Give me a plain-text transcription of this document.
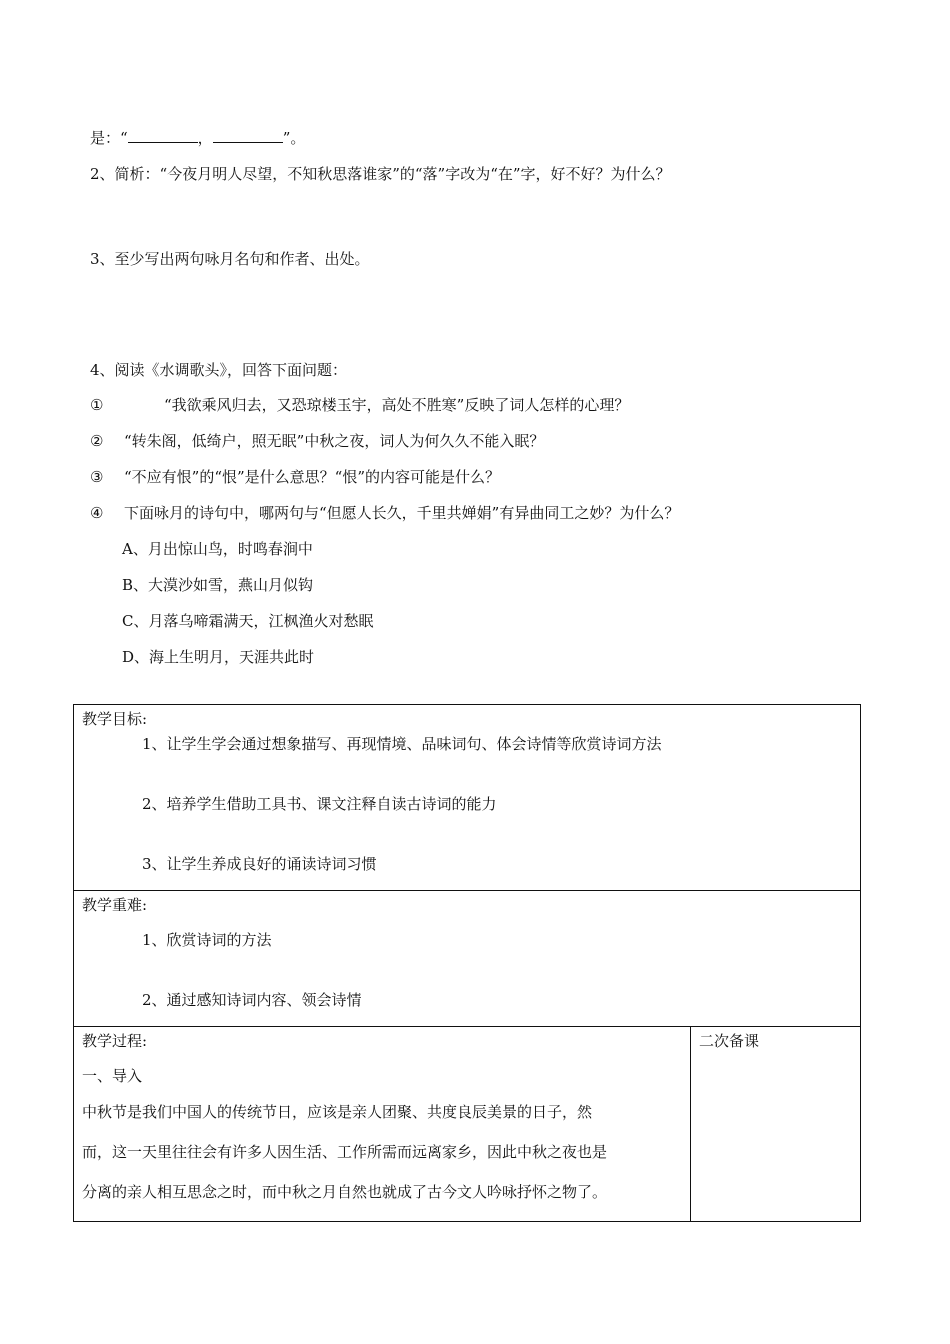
是：“	，	”。
2、简析：“今夜月明人尽望，不知秋思落谁家”的“落”字改为“在”字，好不好？为什么？
3、至少写出两句咏月名句和作者、出处。
4、阅读《水调歌头》，回答下面问题：
①	“我欲乘风归去，又恐琼楼玉宇，高处不胜寒”反映了词人怎样的心理？
② “转朱阁，低绮户，照无眠”中秋之夜，词人为何久久不能入眠？
③ “不应有恨”的“恨”是什么意思？“恨”的内容可能是什么？
④ 下面咏月的诗句中，哪两句与“但愿人长久，千里共婵娟”有异曲同工之妙？为什么？
A、月出惊山鸟，时鸣春涧中
B、大漠沙如雪，燕山月似钩
C、月落乌啼霜满天，江枫渔火对愁眠
D、海上生明月，天涯共此时
教学目标:
1、让学生学会通过想象描写、再现情境、品味词句、体会诗情等欣赏诗词方法
2、培养学生借助工具书、课文注释自读古诗词的能力
3、让学生养成良好的诵读诗词习惯

教学重难:
1、欣赏诗词的方法
2、通过感知诗词内容、领会诗情

教学过程:
一、导入
中秋节是我们中国人的传统节日，应该是亲人团聚、共度良辰美景的日子，然
而，这一天里往往会有许多人因生活、工作所需而远离家乡，因此中秋之夜也是
分离的亲人相互思念之时，而中秋之月自然也就成了古今文人吟咏抒怀之物了。

二次备课
